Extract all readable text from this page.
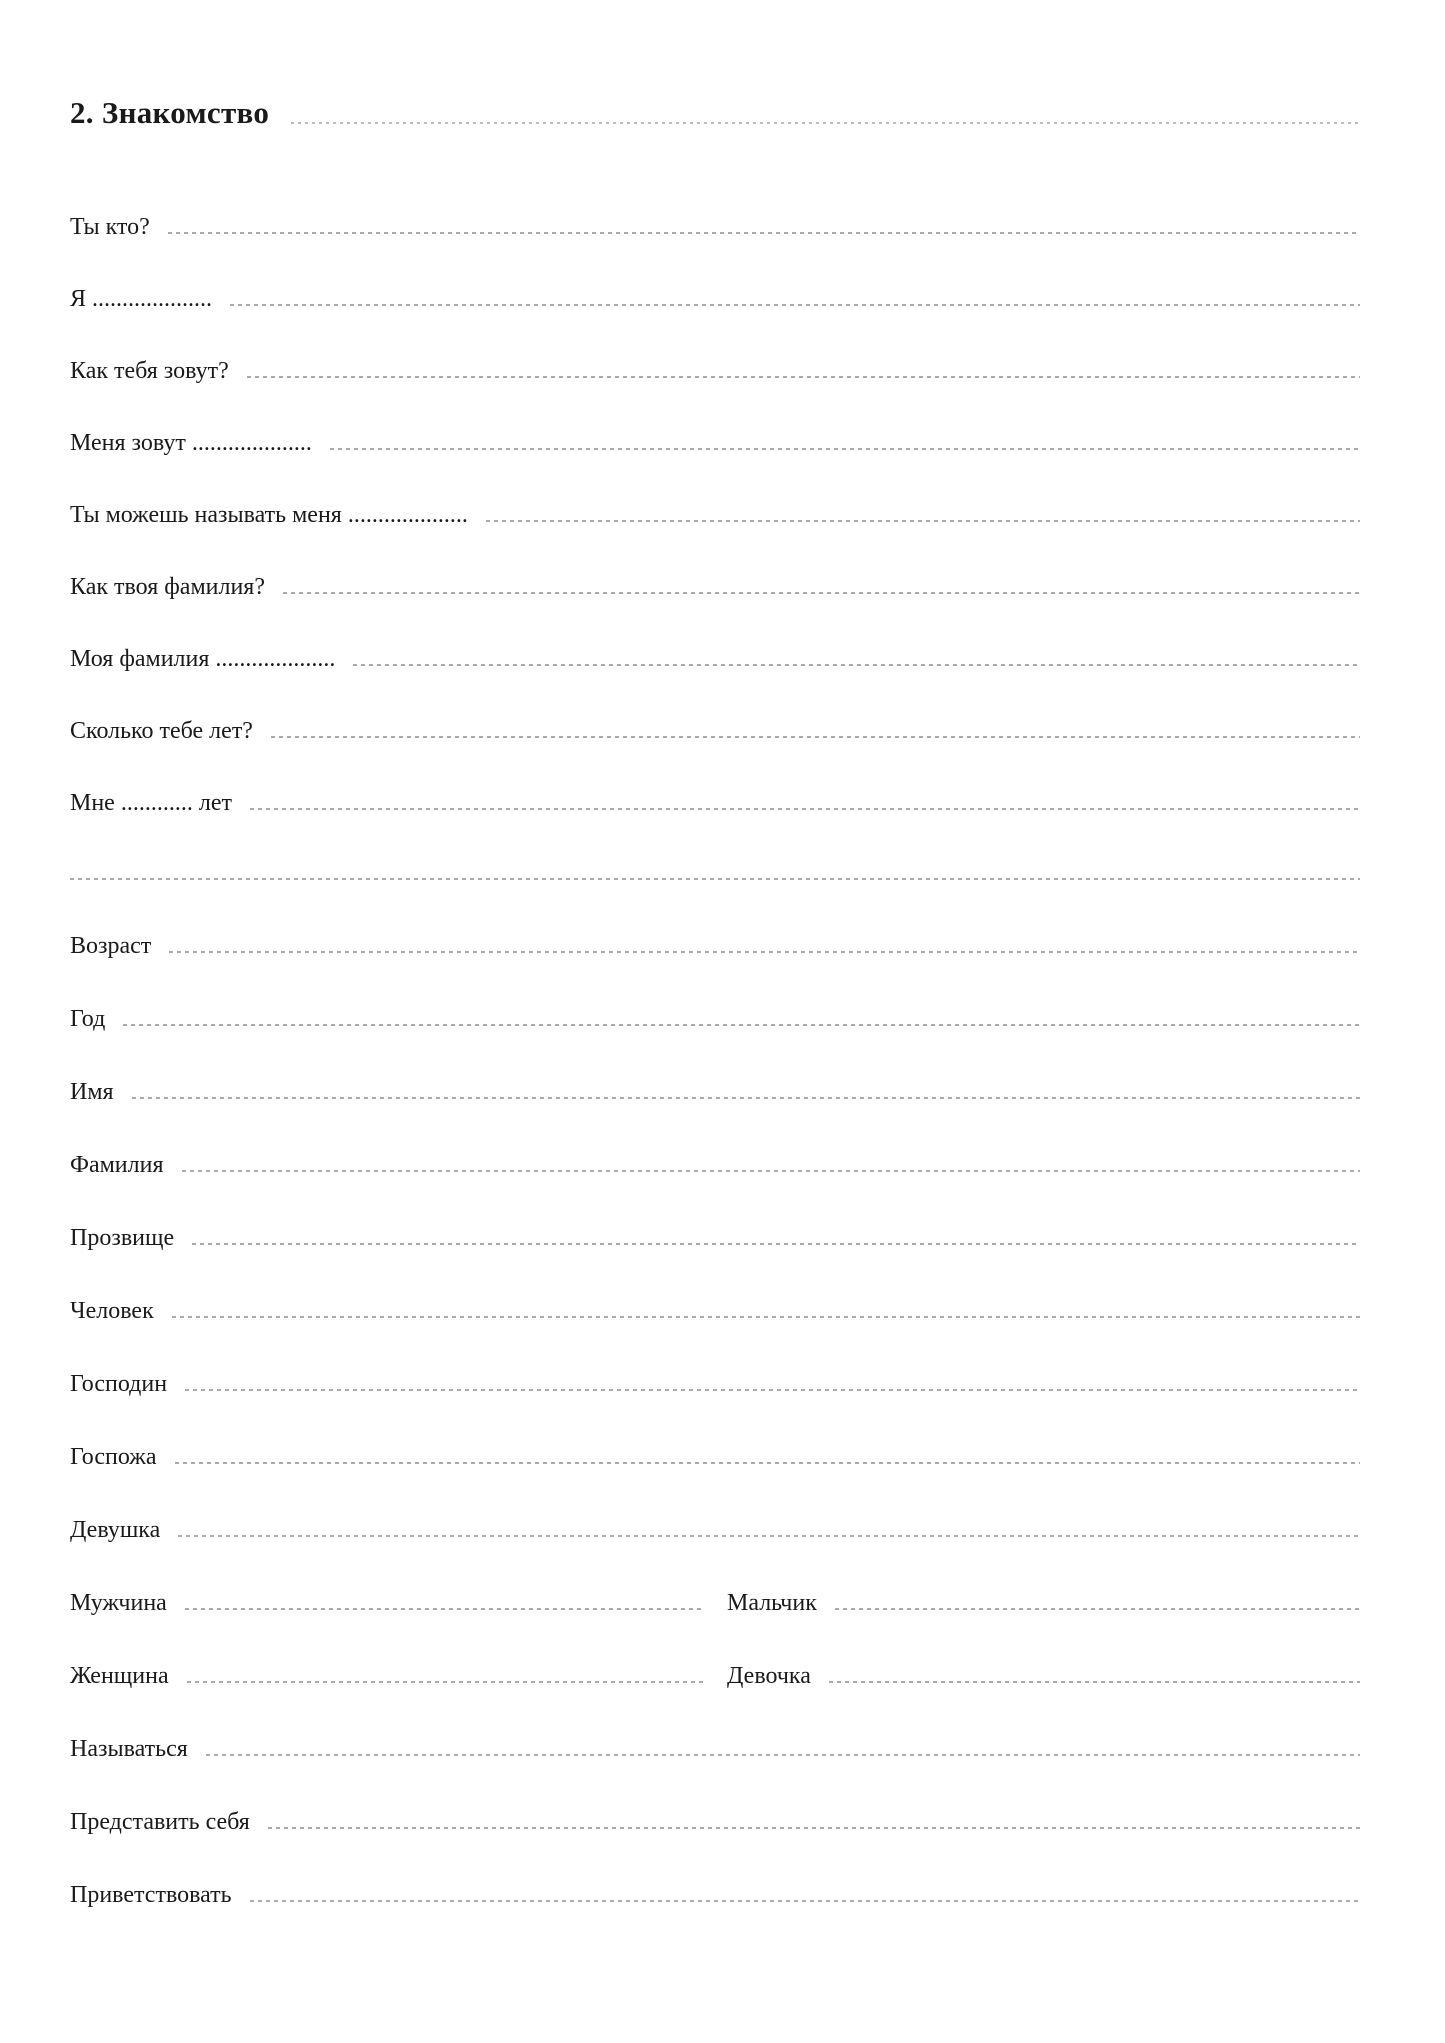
2. Знакомство
Ты кто?
Я ....................
Как тебя зовут?
Меня зовут ....................
Ты можешь называть меня ....................
Как твоя фамилия?
Моя фамилия ....................
Сколько тебе лет?
Мне ............ лет
Возраст
Год
Имя
Фамилия
Прозвище
Человек
Господин
Госпожа
Девушка
Мужчина	Мальчик
Женщина	Девочка
Называться
Представить себя
Приветствовать
